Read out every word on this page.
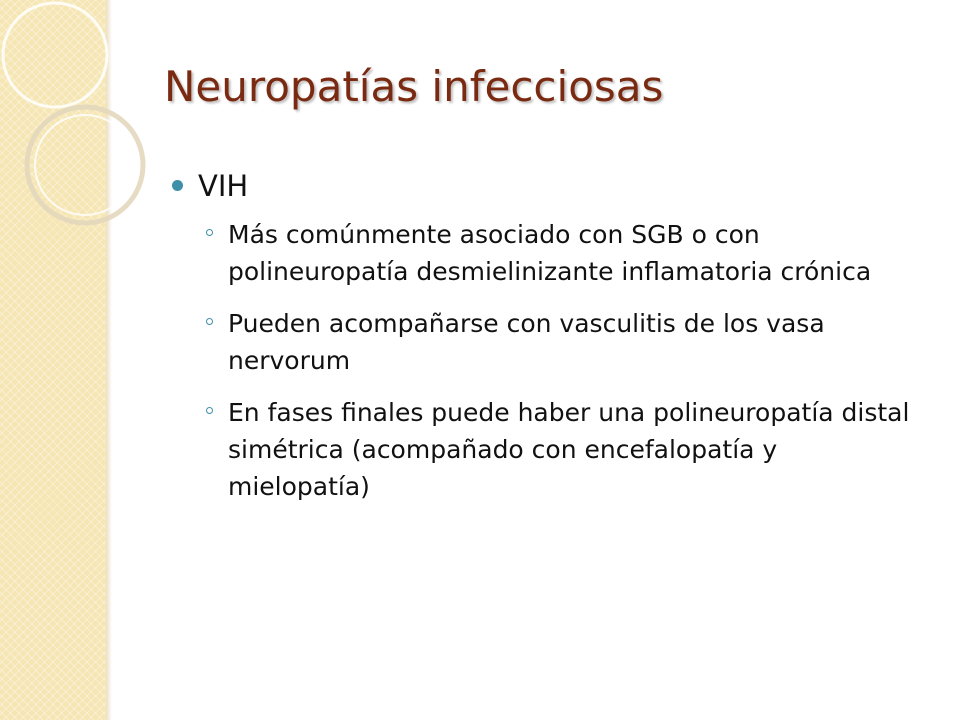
Neuropatías infecciosas
VIH
Más comúnmente asociado con SGB o con polineuropatía desmielinizante inflamatoria crónica
Pueden acompañarse con vasculitis de los vasa nervorum
En fases finales puede haber una polineuropatía distal simétrica (acompañado con encefalopatía y mielopatía)
